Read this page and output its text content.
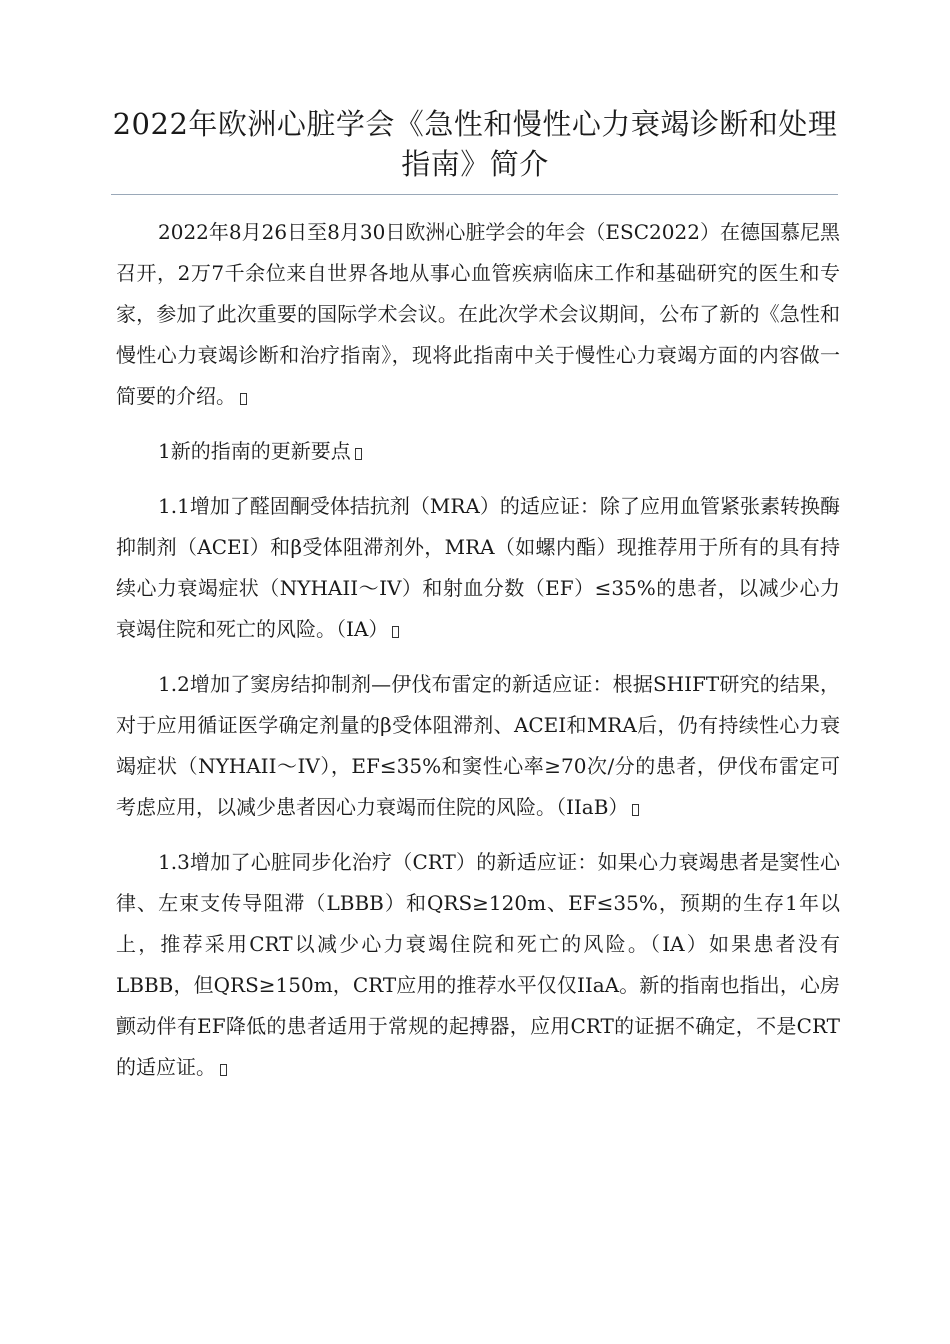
2022年欧洲心脏学会《急性和慢性心力衰竭诊断和处理指南》简介

2022年8月26日至8月30日欧洲心脏学会的年会（ESC2022）在德国慕尼黑召开，2万7千余位来自世界各地从事心血管疾病临床工作和基础研究的医生和专家，参加了此次重要的国际学术会议。在此次学术会议期间，公布了新的《急性和慢性心力衰竭诊断和治疗指南》，现将此指南中关于慢性心力衰竭方面的内容做一简要的介绍。

1新的指南的更新要点

1.1增加了醛固酮受体拮抗剂（MRA）的适应证：除了应用血管紧张素转换酶抑制剂（ACEI）和β受体阻滞剂外，MRA（如螺内酯）现推荐用于所有的具有持续心力衰竭症状（NYHAII～IV）和射血分数（EF）≤35%的患者，以减少心力衰竭住院和死亡的风险。（IA）

1.2增加了窦房结抑制剂—伊伐布雷定的新适应证：根据SHIFT研究的结果，对于应用循证医学确定剂量的β受体阻滞剂、ACEI和MRA后，仍有持续性心力衰竭症状（NYHAII～IV），EF≤35%和窦性心率≥70次/分的患者，伊伐布雷定可考虑应用，以减少患者因心力衰竭而住院的风险。（IIaB）

1.3增加了心脏同步化治疗（CRT）的新适应证：如果心力衰竭患者是窦性心律、左束支传导阻滞（LBBB）和QRS≥120m、EF≤35%，预期的生存1年以上，推荐采用CRT以减少心力衰竭住院和死亡的风险。（IA）如果患者没有LBBB，但QRS≥150m，CRT应用的推荐水平仅仅IIaA。新的指南也指出，心房颤动伴有EF降低的患者适用于常规的起搏器，应用CRT的证据不确定，不是CRT的适应证。
